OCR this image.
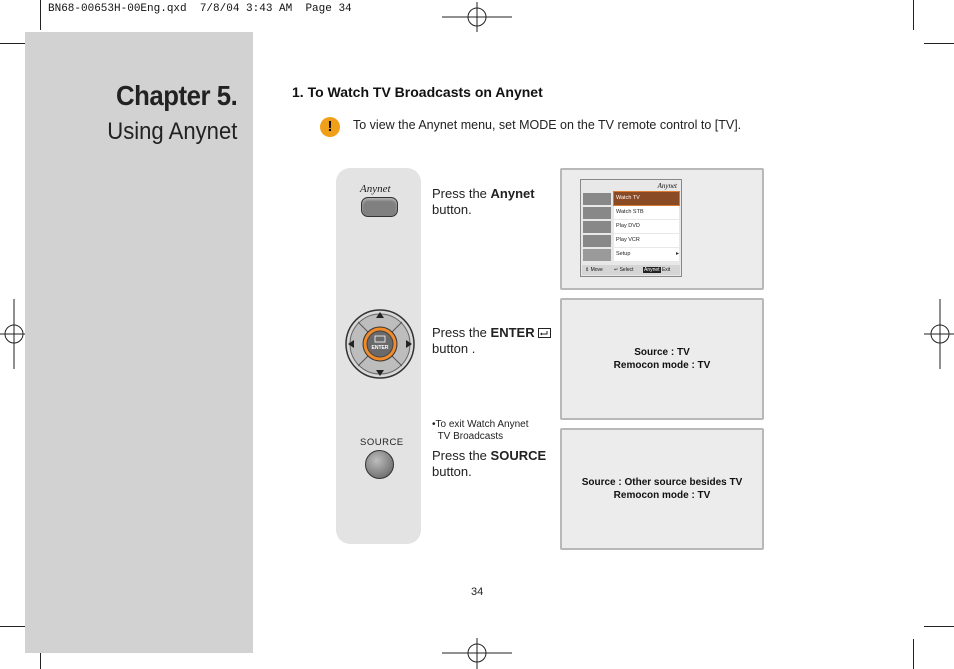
BN68-00653H-00Eng.qxd  7/8/04 3:43 AM  Page 34
Chapter 5.
Using Anynet
1. To Watch TV Broadcasts on Anynet
!	To view the Anynet menu, set MODE on the TV remote control to [TV].
Anynet
ENTER
SOURCE
Press the Anynet
button.
Press the ENTER
button .
•To exit Watch Anynet
TV Broadcasts
Press the SOURCE
button.
Anynet
Watch TV
Watch STB
Play DVD
Play VCR
Setup	▸
⇕ Move ↵ Select Anynet Exit
Source : TV
Remocon mode : TV
Source : Other source besides TV
Remocon mode : TV
34
